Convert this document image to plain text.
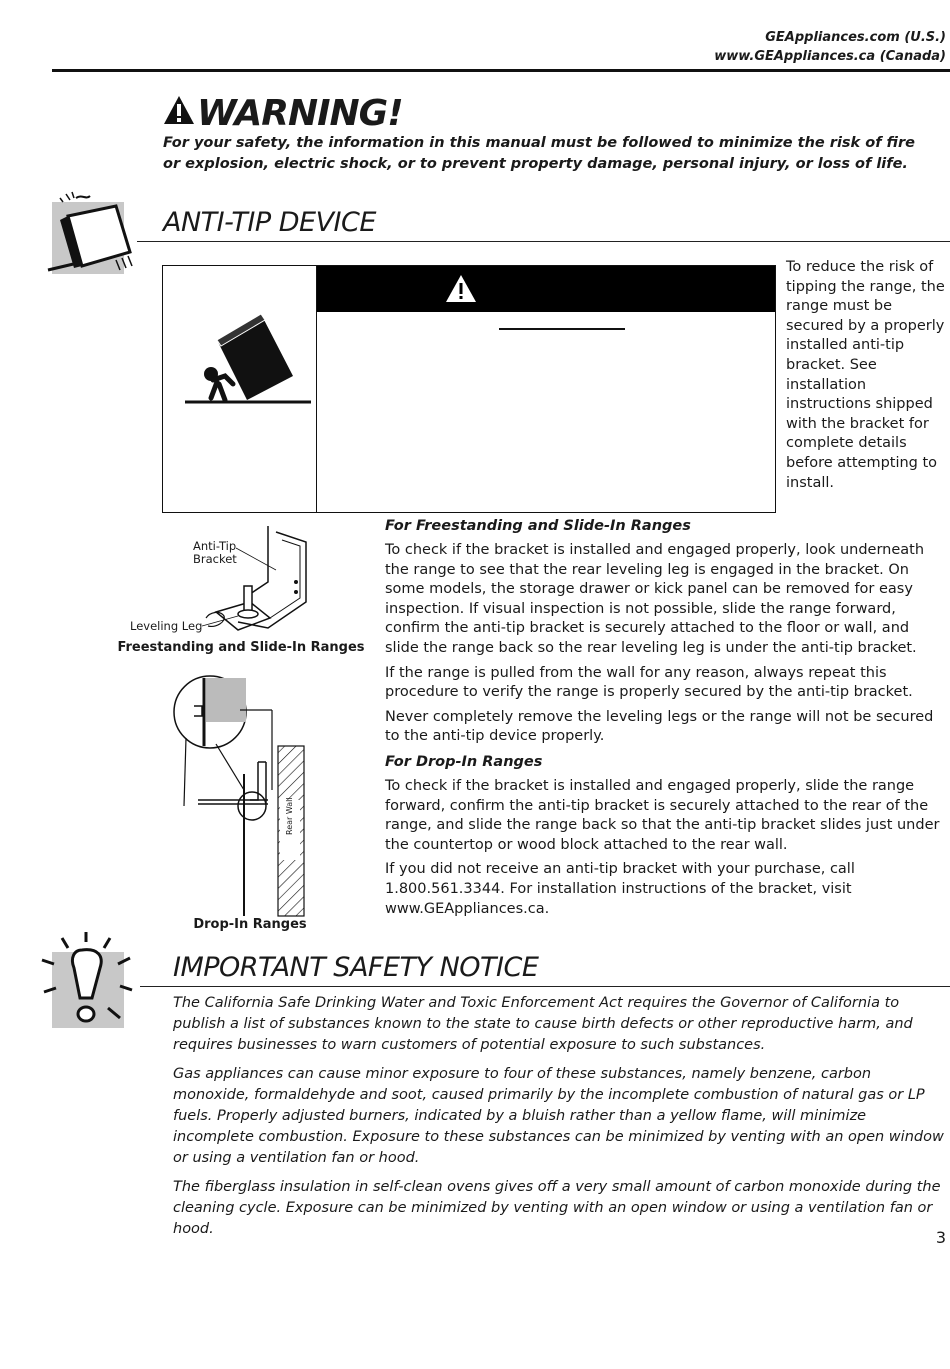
GEAppliances.com (U.S.)
www.GEAppliances.ca (Canada)
WARNING!
For your safety, the information in this manual must be followed to minimize the risk of fire or explosion, electric shock, or to prevent property damage, personal injury, or loss of life.
ANTI-TIP DEVICE
To reduce the risk of tipping the range, the range must be secured by a properly installed anti-tip bracket. See installation instructions shipped with the bracket for complete details before attempting to install.
Anti-Tip Bracket
Leveling Leg
Freestanding and Slide-In Ranges
Rear Wall
Drop-In Ranges
For Freestanding and Slide-In Ranges
To check if the bracket is installed and engaged properly, look underneath the range to see that the rear leveling leg is engaged in the bracket. On some models, the storage drawer or kick panel can be removed for easy inspection. If visual inspection is not possible, slide the range forward, confirm the anti-tip bracket is securely attached to the floor or wall, and slide the range back so the rear leveling leg is under the anti-tip bracket.
If the range is pulled from the wall for any reason, always repeat this procedure to verify the range is properly secured by the anti-tip bracket.
Never completely remove the leveling legs or the range will not be secured to the anti-tip device properly.
For Drop-In Ranges
To check if the bracket is installed and engaged properly, slide the range forward, confirm the anti-tip bracket is securely attached to the rear of the range, and slide the range back so that the anti-tip bracket slides just under the countertop or wood block attached to the rear wall.
If you did not receive an anti-tip bracket with your purchase, call 1.800.561.3344. For installation instructions of the bracket, visit www.GEAppliances.ca.
IMPORTANT SAFETY NOTICE
The California Safe Drinking Water and Toxic Enforcement Act requires the Governor of California to publish a list of substances known to the state to cause birth defects or other reproductive harm, and requires businesses to warn customers of potential exposure to such substances.
Gas appliances can cause minor exposure to four of these substances, namely benzene, carbon monoxide, formaldehyde and soot, caused primarily by the incomplete combustion of natural gas or LP fuels. Properly adjusted burners, indicated by a bluish rather than a yellow flame, will minimize incomplete combustion. Exposure to these substances can be minimized by venting with an open window or using a ventilation fan or hood.
The fiberglass insulation in self-clean ovens gives off a very small amount of carbon monoxide during the cleaning cycle. Exposure can be minimized by venting with an open window or using a ventilation fan or hood.	3
